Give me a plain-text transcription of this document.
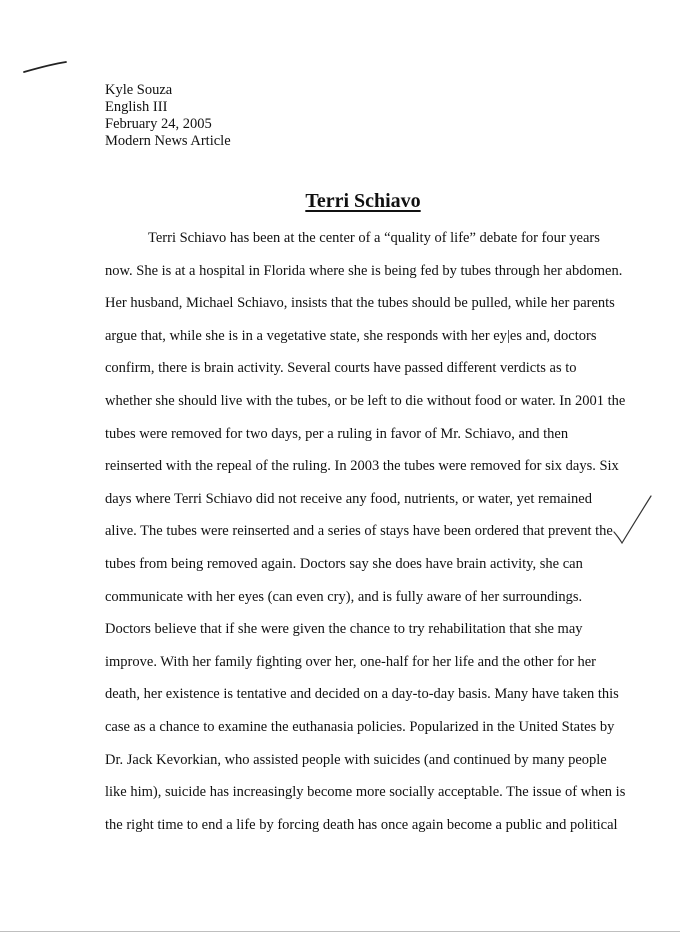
Kyle Souza
English III
February 24, 2005
Modern News Article
Terri Schiavo
Terri Schiavo has been at the center of a “quality of life” debate for four years
now. She is at a hospital in Florida where she is being fed by tubes through her abdomen.
Her husband, Michael Schiavo, insists that the tubes should be pulled, while her parents
argue that, while she is in a vegetative state, she responds with her ey|es and, doctors
confirm, there is brain activity. Several courts have passed different verdicts as to
whether she should live with the tubes, or be left to die without food or water. In 2001 the
tubes were removed for two days, per a ruling in favor of Mr. Schiavo, and then
reinserted with the repeal of the ruling. In 2003 the tubes were removed for six days. Six
days where Terri Schiavo did not receive any food, nutrients, or water, yet remained
alive. The tubes were reinserted and a series of stays have been ordered that prevent the
tubes from being removed again. Doctors say she does have brain activity, she can
communicate with her eyes (can even cry), and is fully aware of her surroundings.
Doctors believe that if she were given the chance to try rehabilitation that she may
improve. With her family fighting over her, one-half for her life and the other for her
death, her existence is tentative and decided on a day-to-day basis. Many have taken this
case as a chance to examine the euthanasia policies. Popularized in the United States by
Dr. Jack Kevorkian, who assisted people with suicides (and continued by many people
like him), suicide has increasingly become more socially acceptable. The issue of when is
the right time to end a life by forcing death has once again become a public and political
